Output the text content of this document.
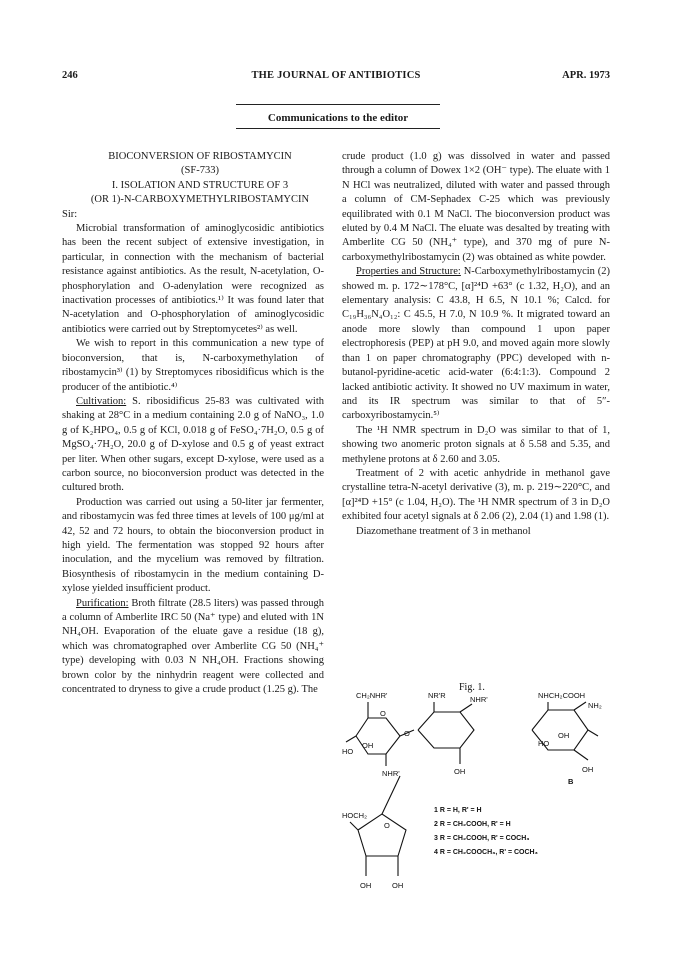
246	THE JOURNAL OF ANTIBIOTICS	APR. 1973
Communications to the editor

BIOCONVERSION OF RIBOSTAMYCIN

(SF-733)

I. ISOLATION AND STRUCTURE OF 3

(OR 1)-N-CARBOXYMETHYLRIBOSTAMYCIN

Sir:

Microbial transformation of aminoglycosidic antibiotics has been the recent subject of extensive investigation, in particular, in connection with the mechanism of bacterial resistance against antibiotics. As the result, N-acetylation, O-phosphorylation and O-adenylation were recognized as inactivation processes of antibiotics.¹⁾ It was found later that N-acetylation and O-phosphorylation of aminoglycosidic antibiotics were carried out by Streptomycetes²⁾ as well.

We wish to report in this communication a new type of bioconversion, that is, N-carboxymethylation of ribostamycin³⁾ (1) by Streptomyces ribosidificus which is the producer of the antibiotic.⁴⁾

Cultivation: S. ribosidificus 25-83 was cultivated with shaking at 28°C in a medium containing 2.0 g of NaNO₃, 1.0 g of K₂HPO₄, 0.5 g of KCl, 0.018 g of FeSO₄·7H₂O, 0.5 g of MgSO₄·7H₂O, 20.0 g of D-xylose and 0.5 g of yeast extract per liter. When other sugars, except D-xylose, were used as a carbon source, no bioconversion product was detected in the cultured broth.

Production was carried out using a 50-liter jar fermenter, and ribostamycin was fed three times at levels of 100 μg/ml at 42, 52 and 72 hours, to obtain the bioconversion product in high yield. The fermentation was stopped 92 hours after inoculation, and the mycelium was removed by filtration. Biosynthesis of ribostamycin in the medium containing D-xylose yielded insufficient product.

Purification: Broth filtrate (28.5 liters) was passed through a column of Amberlite IRC 50 (Na⁺ type) and eluted with 1N NH₄OH. Evaporation of the eluate gave a residue (18 g), which was chromatographed over Amberlite CG 50 (NH₄⁺ type) developing with 0.03 N NH₄OH. Fractions showing brown color by the ninhydrin reagent were collected and concentrated to dryness to give a crude product (1.25 g). The

crude product (1.0 g) was dissolved in water and passed through a column of Dowex 1×2 (OH⁻ type). The eluate with 1 N HCl was neutralized, diluted with water and passed through a column of CM-Sephadex C-25 which was previously equilibrated with 0.1 M NaCl. The bioconversion product was eluted by 0.4 M NaCl. The eluate was desalted by treating with Amberlite CG 50 (NH₄⁺ type), and 370 mg of pure N-carboxymethylribostamycin (2) was obtained as white powder.

Properties and Structure: N-Carboxymethylribostamycin (2) showed m. p. 172∼178°C, [α]²⁴D +63° (c 1.32, H₂O), and an elementary analysis: C 43.8, H 6.5, N 10.1 %; Calcd. for C₁₉H₃₆N₄O₁₂: C 45.5, H 7.0, N 10.9 %. It migrated toward an anode more slowly than compound 1 upon paper electrophoresis (PEP) at pH 9.0, and moved again more slowly than 1 on paper chromatography (PPC) developed with n-butanol-pyridine-acetic acid-water (6:4:1:3). Compound 2 lacked antibiotic activity. It showed no UV maximum in water, and its IR spectrum was similar to that of 5″-carboxyribostamycin.⁵⁾

The ¹H NMR spectrum in D₂O was similar to that of 1, showing two anomeric proton signals at δ 5.58 and 5.35, and methylene protons at δ 2.60 and 3.05.

Treatment of 2 with acetic anhydride in methanol gave crystalline tetra-N-acetyl derivative (3), m. p. 219∼220°C, and [α]²⁴D +15° (c 1.04, H₂O). The ¹H NMR spectrum of 3 in D₂O exhibited four acetyl signals at δ 2.06 (2), 2.04 (1) and 1.98 (1).

Diazomethane treatment of 3 in methanol

Fig. 1.
CH₂NHR'
O
OH
HO
NHR'
O
NR'R	NHR'
OH
NHCH₂COOH
NH₂
OH
HO
OH
B
HOCH₂
O
OH	OH
1 R = H, R' = H
2 R = CH₂COOH, R' = H
3 R = CH₂COOH, R' = COCH₃
4 R = CH₂COOCH₃, R' = COCH₃
